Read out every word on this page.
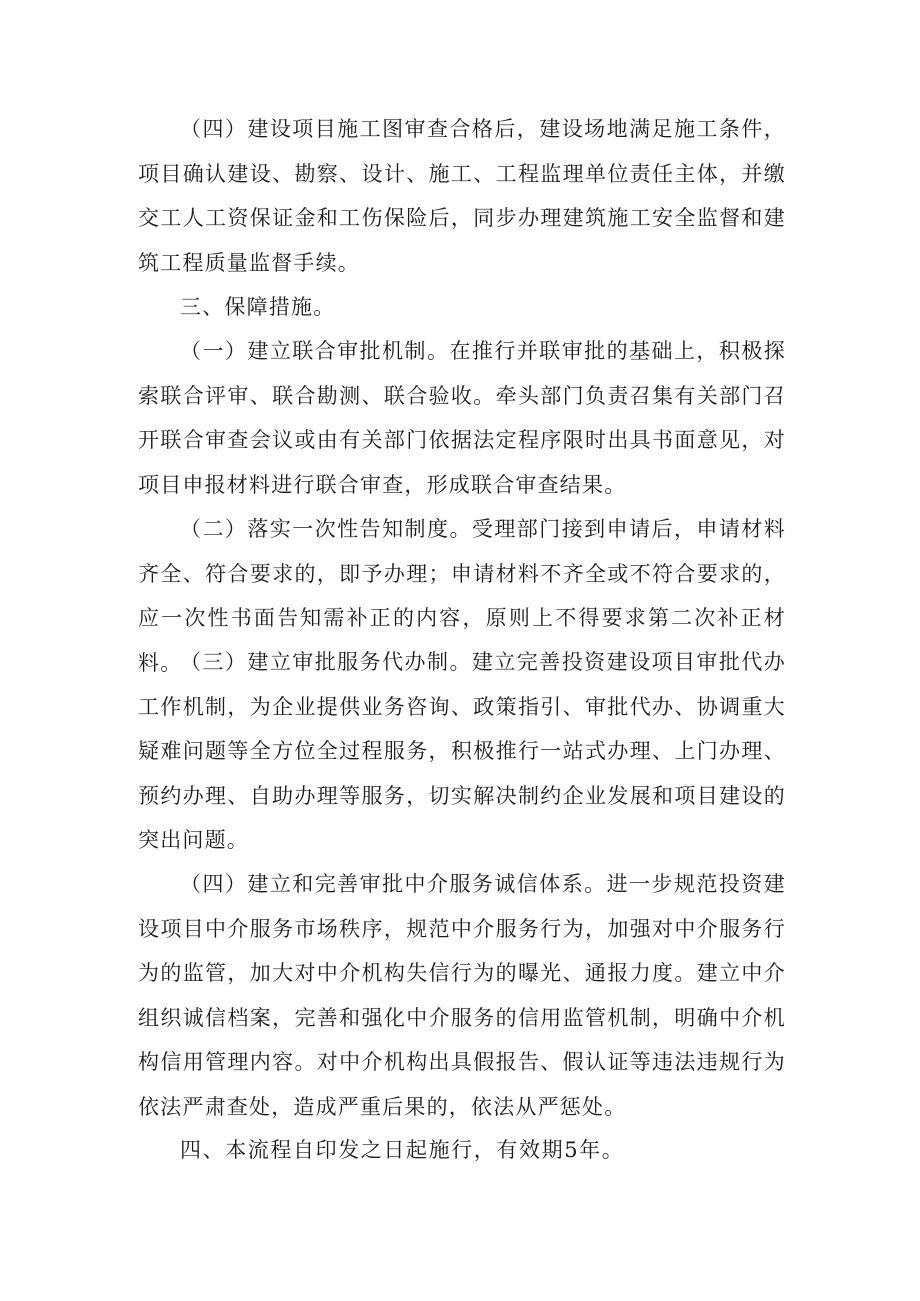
（四）建设项目施工图审查合格后，建设场地满足施工条件，项目确认建设、勘察、设计、施工、工程监理单位责任主体，并缴交工人工资保证金和工伤保险后，同步办理建筑施工安全监督和建筑工程质量监督手续。

三、保障措施。

（一）建立联合审批机制。在推行并联审批的基础上，积极探索联合评审、联合勘测、联合验收。牵头部门负责召集有关部门召开联合审查会议或由有关部门依据法定程序限时出具书面意见，对项目申报材料进行联合审查，形成联合审查结果。

（二）落实一次性告知制度。受理部门接到申请后，申请材料齐全、符合要求的，即予办理；申请材料不齐全或不符合要求的，应一次性书面告知需补正的内容，原则上不得要求第二次补正材料。

（三）建立审批服务代办制。建立完善投资建设项目审批代办工作机制，为企业提供业务咨询、政策指引、审批代办、协调重大疑难问题等全方位全过程服务，积极推行一站式办理、上门办理、预约办理、自助办理等服务，切实解决制约企业发展和项目建设的突出问题。

（四）建立和完善审批中介服务诚信体系。进一步规范投资建设项目中介服务市场秩序，规范中介服务行为，加强对中介服务行为的监管，加大对中介机构失信行为的曝光、通报力度。建立中介组织诚信档案，完善和强化中介服务的信用监管机制，明确中介机构信用管理内容。对中介机构出具假报告、假认证等违法违规行为依法严肃查处，造成严重后果的，依法从严惩处。

四、本流程自印发之日起施行，有效期5年。
